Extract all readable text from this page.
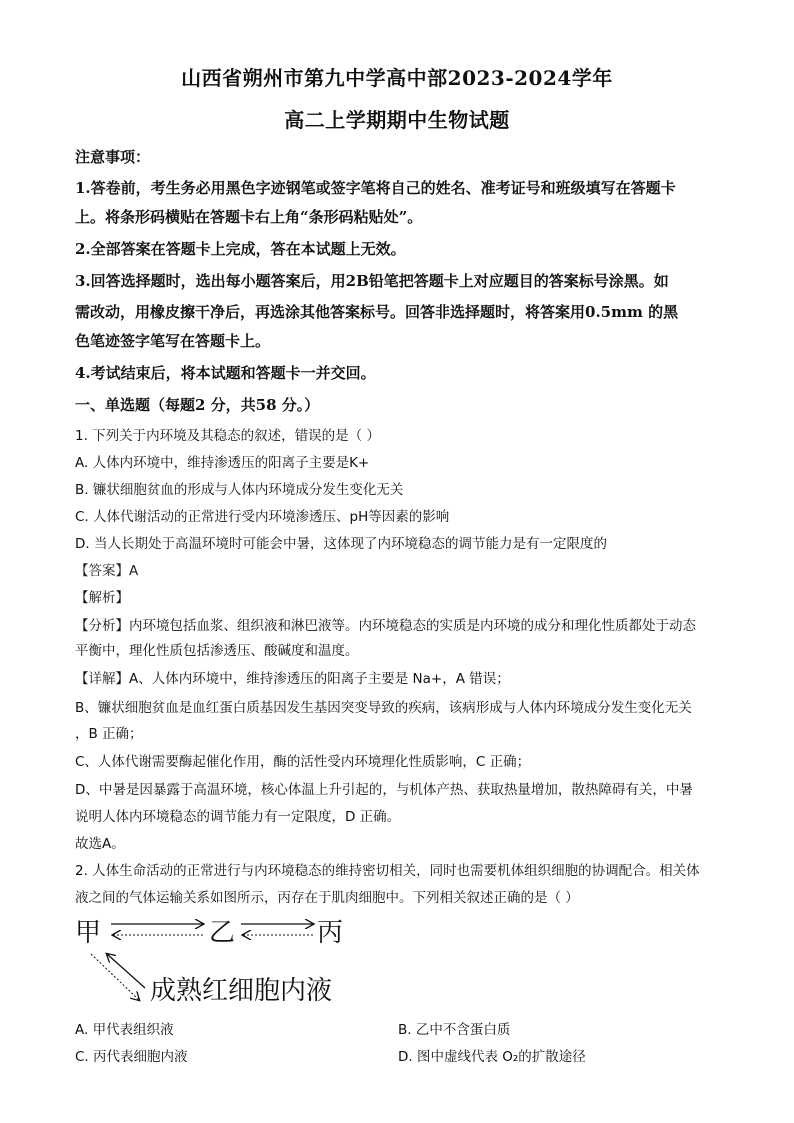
山西省朔州市第九中学高中部2023-2024学年
高二上学期期中生物试题
注意事项：
1.答卷前，考生务必用黑色字迹钢笔或签字笔将自己的姓名、准考证号和班级填写在答题卡
上。将条形码横贴在答题卡右上角“条形码粘贴处”。
2.全部答案在答题卡上完成，答在本试题上无效。
3.回答选择题时，选出每小题答案后，用2B铅笔把答题卡上对应题目的答案标号涂黑。如
需改动，用橡皮擦干净后，再选涂其他答案标号。回答非选择题时，将答案用0.5mm 的黑
色笔迹签字笔写在答题卡上。
4.考试结束后，将本试题和答题卡一并交回。
一、单选题（每题2 分，共58 分。）
1. 下列关于内环境及其稳态的叙述，错误的是（ ）
A. 人体内环境中，维持渗透压的阳离子主要是K+
B. 镰状细胞贫血的形成与人体内环境成分发生变化无关
C. 人体代谢活动的正常进行受内环境渗透压、pH等因素的影响
D. 当人长期处于高温环境时可能会中暑，这体现了内环境稳态的调节能力是有一定限度的
【答案】A
【解析】
【分析】内环境包括血浆、组织液和淋巴液等。内环境稳态的实质是内环境的成分和理化性质都处于动态
平衡中，理化性质包括渗透压、酸碱度和温度。
【详解】A、人体内环境中，维持渗透压的阳离子主要是 Na+，A 错误；
B、镰状细胞贫血是血红蛋白质基因发生基因突变导致的疾病，该病形成与人体内环境成分发生变化无关
，B 正确；
C、人体代谢需要酶起催化作用，酶的活性受内环境理化性质影响，C 正确；
D、中暑是因暴露于高温环境，核心体温上升引起的，与机体产热、获取热量增加，散热障碍有关，中暑
说明人体内环境稳态的调节能力有一定限度，D 正确。
故选A。
2. 人体生命活动的正常进行与内环境稳态的维持密切相关，同时也需要机体组织细胞的协调配合。相关体
液之间的气体运输关系如图所示，丙存在于肌肉细胞中。下列相关叙述正确的是（ ）
甲	乙	丙
成熟红细胞内液
A. 甲代表组织液	B. 乙中不含蛋白质
C. 丙代表细胞内液	D. 图中虚线代表 O₂的扩散途径
